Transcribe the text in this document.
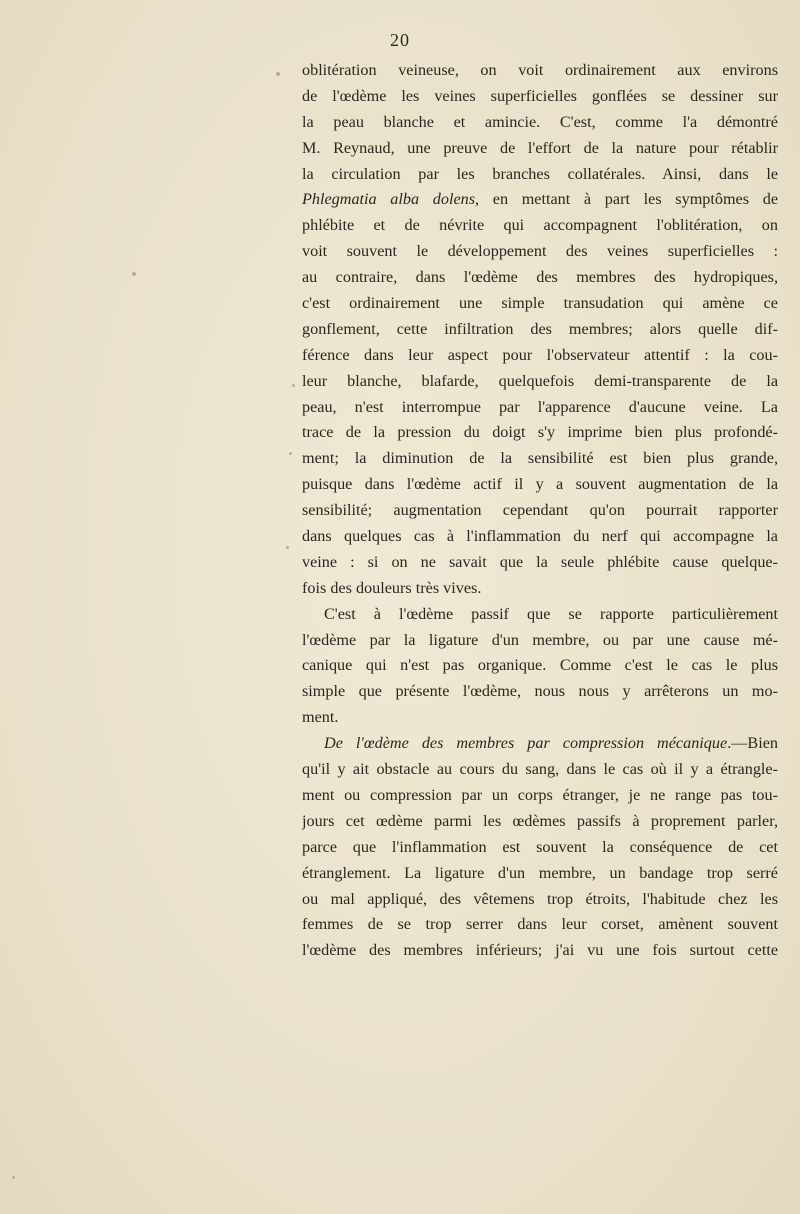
20
oblitération veineuse, on voit ordinairement aux environs
de l'œdème les veines superficielles gonflées se dessiner sur
la peau blanche et amincie. C'est, comme l'a démontré
M. Reynaud, une preuve de l'effort de la nature pour rétablir
la circulation par les branches collatérales. Ainsi, dans le
Phlegmatia alba dolens, en mettant à part les symptômes de
phlébite et de névrite qui accompagnent l'oblitération, on
voit souvent le développement des veines superficielles :
au contraire, dans l'œdème des membres des hydropiques,
c'est ordinairement une simple transudation qui amène ce
gonflement, cette infiltration des membres; alors quelle dif-
férence dans leur aspect pour l'observateur attentif : la cou-
leur blanche, blafarde, quelquefois demi-transparente de la
peau, n'est interrompue par l'apparence d'aucune veine. La
trace de la pression du doigt s'y imprime bien plus profondé-
ment; la diminution de la sensibilité est bien plus grande,
puisque dans l'œdème actif il y a souvent augmentation de la
sensibilité; augmentation cependant qu'on pourrait rapporter
dans quelques cas à l'inflammation du nerf qui accompagne la
veine : si on ne savait que la seule phlébite cause quelque-
fois des douleurs très vives.
C'est à l'œdème passif que se rapporte particulièrement
l'œdème par la ligature d'un membre, ou par une cause mé-
canique qui n'est pas organique. Comme c'est le cas le plus
simple que présente l'œdème, nous nous y arrêterons un mo-
ment.
De l'œdème des membres par compression mécanique.—Bien
qu'il y ait obstacle au cours du sang, dans le cas où il y a étrangle-
ment ou compression par un corps étranger, je ne range pas tou-
jours cet œdème parmi les œdèmes passifs à proprement parler,
parce que l'inflammation est souvent la conséquence de cet
étranglement. La ligature d'un membre, un bandage trop serré
ou mal appliqué, des vêtemens trop étroits, l'habitude chez les
femmes de se trop serrer dans leur corset, amènent souvent
l'œdème des membres inférieurs; j'ai vu une fois surtout cette
